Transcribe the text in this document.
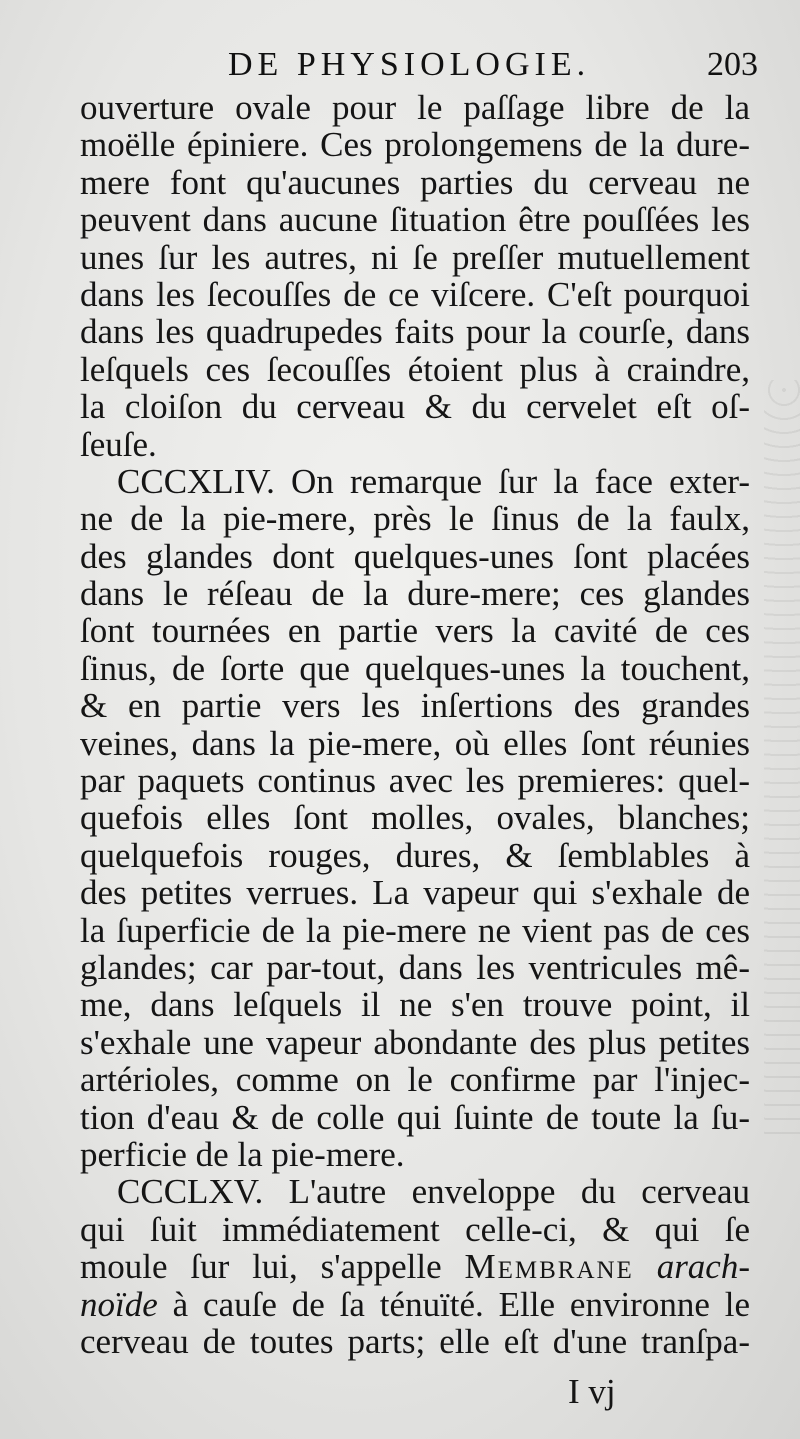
DE PHYSIOLOGIE.	203
ouverture ovale pour le paſſage libre de la
moëlle épiniere. Ces prolongemens de la dure-
mere font qu'aucunes parties du cerveau ne
peuvent dans aucune ſituation être pouſſées les
unes ſur les autres, ni ſe preſſer mutuellement
dans les ſecouſſes de ce viſcere. C'eſt pourquoi
dans les quadrupedes faits pour la courſe, dans
leſquels ces ſecouſſes étoient plus à craindre,
la cloiſon du cerveau & du cervelet eſt oſ-
ſeuſe.
CCCXLIV. On remarque ſur la face exter-
ne de la pie-mere, près le ſinus de la faulx,
des glandes dont quelques-unes ſont placées
dans le réſeau de la dure-mere; ces glandes
ſont tournées en partie vers la cavité de ces
ſinus, de ſorte que quelques-unes la touchent,
& en partie vers les inſertions des grandes
veines, dans la pie-mere, où elles ſont réunies
par paquets continus avec les premieres: quel-
quefois elles ſont molles, ovales, blanches;
quelquefois rouges, dures, & ſemblables à
des petites verrues. La vapeur qui s'exhale de
la ſuperficie de la pie-mere ne vient pas de ces
glandes; car par-tout, dans les ventricules mê-
me, dans leſquels il ne s'en trouve point, il
s'exhale une vapeur abondante des plus petites
artérioles, comme on le confirme par l'injec-
tion d'eau & de colle qui ſuinte de toute la ſu-
perficie de la pie-mere.
CCCLXV. L'autre enveloppe du cerveau
qui ſuit immédiatement celle-ci, & qui ſe
moule ſur lui, s'appelle Membrane arach-
noïde à cauſe de ſa ténuïté. Elle environne le
cerveau de toutes parts; elle eſt d'une tranſpa-
I vj
